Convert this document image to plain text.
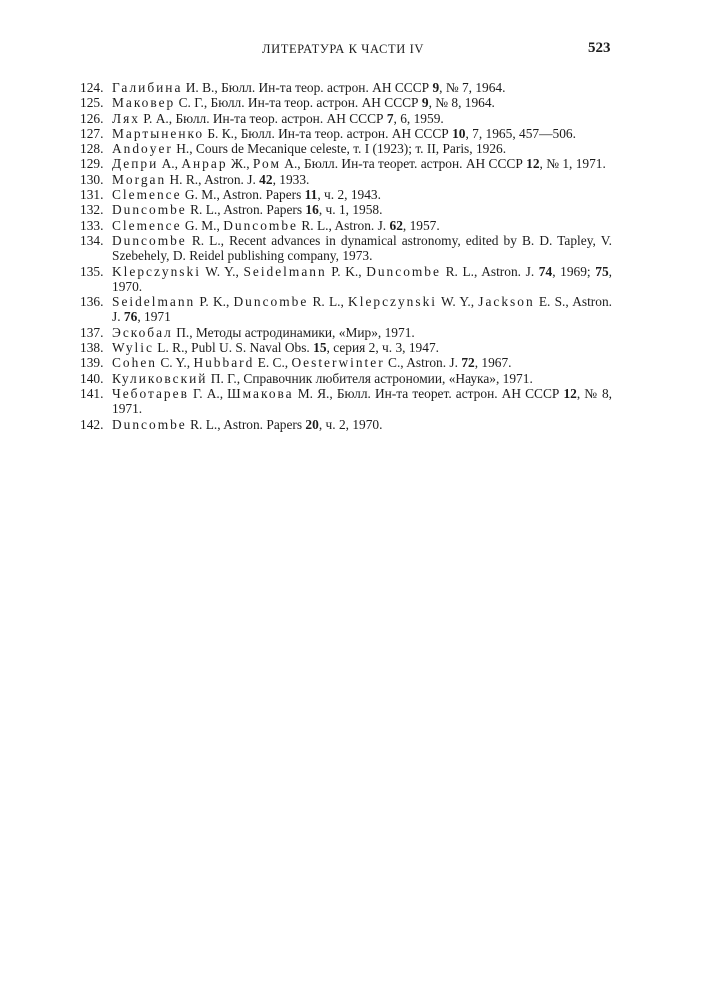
ЛИТЕРАТУРА К ЧАСТИ IV	523
124. Галибина И. В., Бюлл. Ин-та теор. астрон. АН СССР 9, № 7, 1964.
125. Маковер С. Г., Бюлл. Ин-та теор. астрон. АН СССР 9, № 8, 1964.
126. Лях Р. А., Бюлл. Ин-та теор. астрон. АН СССР 7, 6, 1959.
127. Мартыненко Б. К., Бюлл. Ин-та теор. астрон. АН СССР 10, 7, 1965, 457—506.
128. Andoyer H., Cours de Mecanique celeste, т. I (1923); т. II, Paris, 1926.
129. Депри А., Анрар Ж., Ром А., Бюлл. Ин-та теорет. астрон. АН СССР 12, № 1, 1971.
130. Morgan H. R., Astron. J. 42, 1933.
131. Clemence G. M., Astron. Papers 11, ч. 2, 1943.
132. Duncombe R. L., Astron. Papers 16, ч. 1, 1958.
133. Clemence G. M., Duncombe R. L., Astron. J. 62, 1957.
134. Duncombe R. L., Recent advances in dynamical astronomy, edited by B. D. Tapley, V. Szebehely, D. Reidel publishing company, 1973.
135. Klepczynski W. Y., Seidelmann P. K., Duncombe R. L., Astron. J. 74, 1969; 75, 1970.
136. Seidelmann P. K., Duncombe R. L., Klepczynski W. Y., Jackson E. S., Astron. J. 76, 1971
137. Эскобал П., Методы астродинамики, «Мир», 1971.
138. Wylic L. R., Publ U. S. Naval Obs. 15, серия 2, ч. 3, 1947.
139. Cohen C. Y., Hubbard E. C., Oesterwinter C., Astron. J. 72, 1967.
140. Куликовский П. Г., Справочник любителя астрономии, «Наука», 1971.
141. Чеботарев Г. А., Шмакова М. Я., Бюлл. Ин-та теорет. астрон. АН СССР 12, № 8, 1971.
142. Duncombe R. L., Astron. Papers 20, ч. 2, 1970.
